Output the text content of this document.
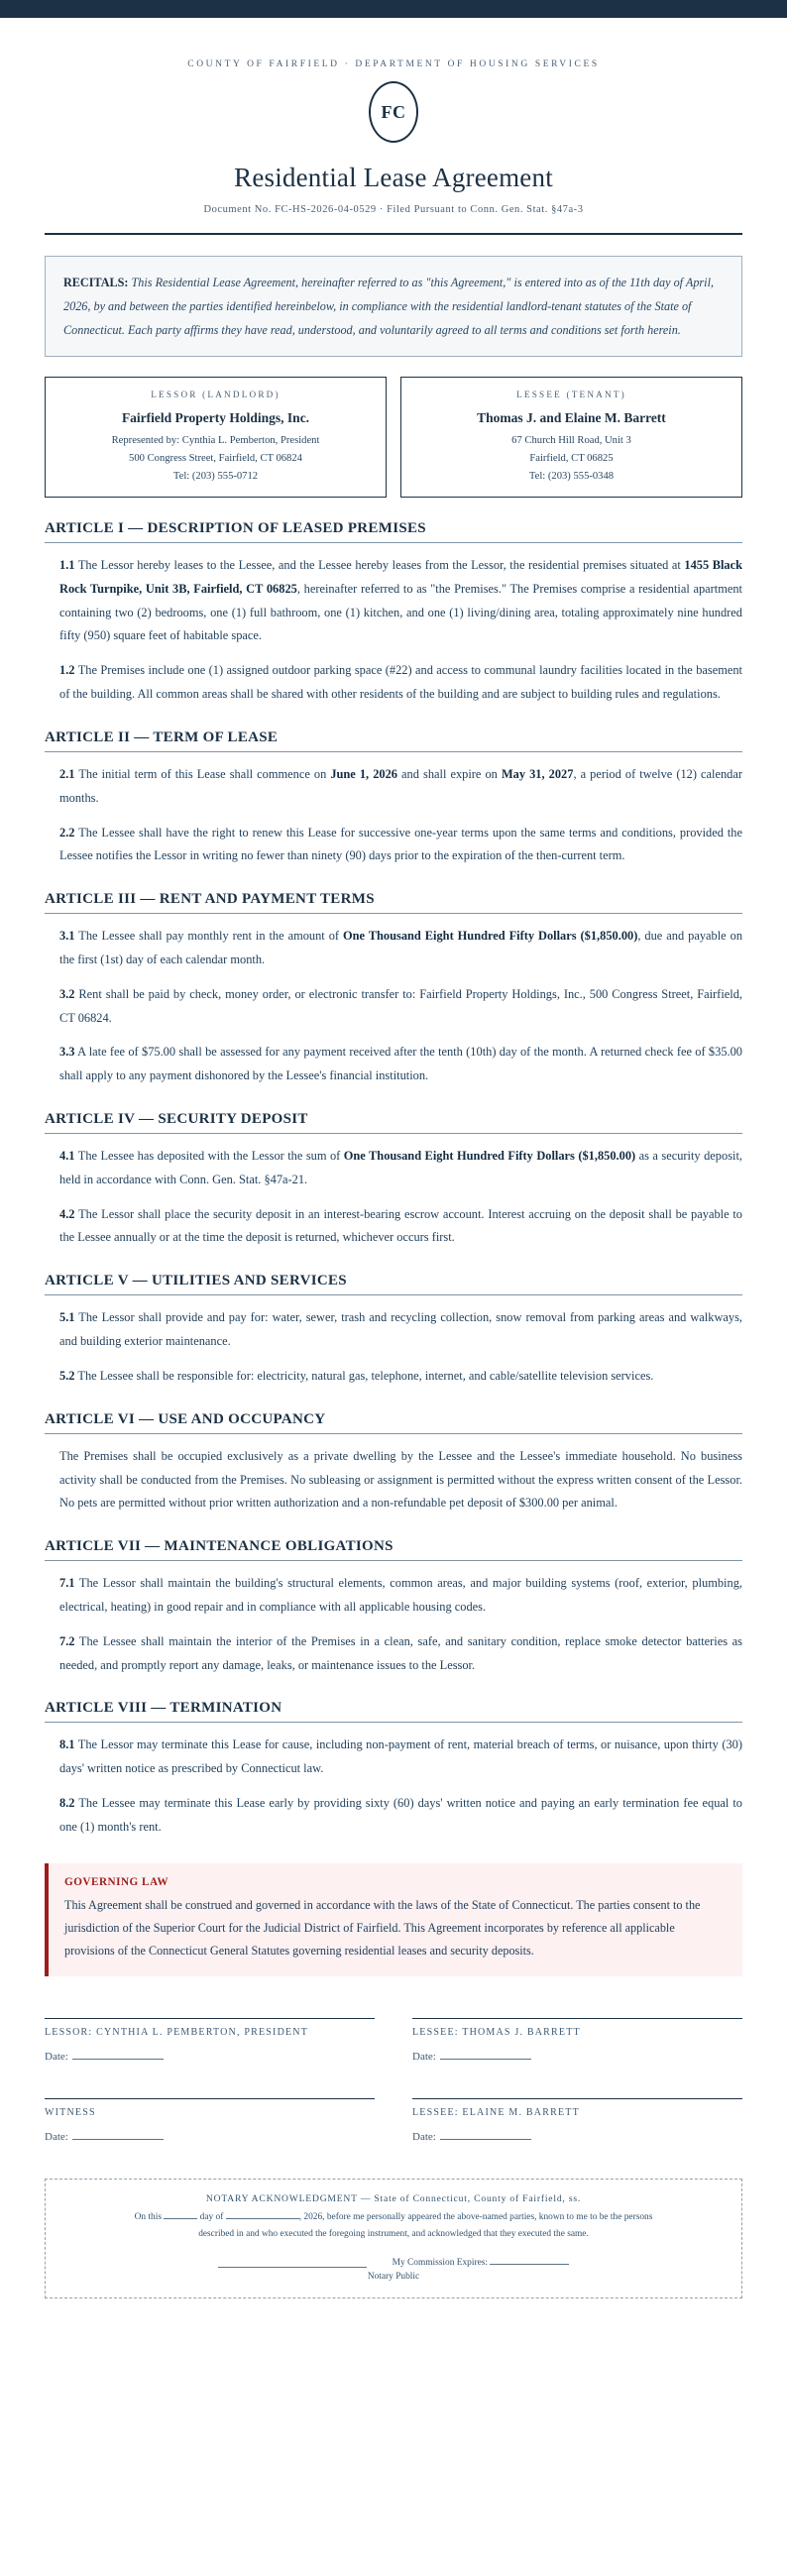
COUNTY OF FAIRFIELD · DEPARTMENT OF HOUSING SERVICES
FC
Residential Lease Agreement
Document No. FC-HS-2026-04-0529 · Filed Pursuant to Conn. Gen. Stat. §47a-3
RECITALS: This Residential Lease Agreement, hereinafter referred to as "this Agreement," is entered into as of the 11th day of April, 2026, by and between the parties identified hereinbelow, in compliance with the residential landlord-tenant statutes of the State of Connecticut. Each party affirms they have read, understood, and voluntarily agreed to all terms and conditions set forth herein.
LESSOR (LANDLORD)
Fairfield Property Holdings, Inc.
Represented by: Cynthia L. Pemberton, President
500 Congress Street, Fairfield, CT 06824
Tel: (203) 555-0712
LESSEE (TENANT)
Thomas J. and Elaine M. Barrett
67 Church Hill Road, Unit 3
Fairfield, CT 06825
Tel: (203) 555-0348
ARTICLE I — DESCRIPTION OF LEASED PREMISES

1.1 The Lessor hereby leases to the Lessee, and the Lessee hereby leases from the Lessor, the residential premises situated at 1455 Black Rock Turnpike, Unit 3B, Fairfield, CT 06825, hereinafter referred to as "the Premises." The Premises comprise a residential apartment containing two (2) bedrooms, one (1) full bathroom, one (1) kitchen, and one (1) living/dining area, totaling approximately nine hundred fifty (950) square feet of habitable space.

1.2 The Premises include one (1) assigned outdoor parking space (#22) and access to communal laundry facilities located in the basement of the building. All common areas shall be shared with other residents of the building and are subject to building rules and regulations.

ARTICLE II — TERM OF LEASE

2.1 The initial term of this Lease shall commence on June 1, 2026 and shall expire on May 31, 2027, a period of twelve (12) calendar months.

2.2 The Lessee shall have the right to renew this Lease for successive one-year terms upon the same terms and conditions, provided the Lessee notifies the Lessor in writing no fewer than ninety (90) days prior to the expiration of the then-current term.

ARTICLE III — RENT AND PAYMENT TERMS

3.1 The Lessee shall pay monthly rent in the amount of One Thousand Eight Hundred Fifty Dollars ($1,850.00), due and payable on the first (1st) day of each calendar month.

3.2 Rent shall be paid by check, money order, or electronic transfer to: Fairfield Property Holdings, Inc., 500 Congress Street, Fairfield, CT 06824.

3.3 A late fee of $75.00 shall be assessed for any payment received after the tenth (10th) day of the month. A returned check fee of $35.00 shall apply to any payment dishonored by the Lessee's financial institution.

ARTICLE IV — SECURITY DEPOSIT

4.1 The Lessee has deposited with the Lessor the sum of One Thousand Eight Hundred Fifty Dollars ($1,850.00) as a security deposit, held in accordance with Conn. Gen. Stat. §47a-21.

4.2 The Lessor shall place the security deposit in an interest-bearing escrow account. Interest accruing on the deposit shall be payable to the Lessee annually or at the time the deposit is returned, whichever occurs first.

ARTICLE V — UTILITIES AND SERVICES

5.1 The Lessor shall provide and pay for: water, sewer, trash and recycling collection, snow removal from parking areas and walkways, and building exterior maintenance.

5.2 The Lessee shall be responsible for: electricity, natural gas, telephone, internet, and cable/satellite television services.

ARTICLE VI — USE AND OCCUPANCY

The Premises shall be occupied exclusively as a private dwelling by the Lessee and the Lessee's immediate household. No business activity shall be conducted from the Premises. No subleasing or assignment is permitted without the express written consent of the Lessor. No pets are permitted without prior written authorization and a non-refundable pet deposit of $300.00 per animal.

ARTICLE VII — MAINTENANCE OBLIGATIONS

7.1 The Lessor shall maintain the building's structural elements, common areas, and major building systems (roof, exterior, plumbing, electrical, heating) in good repair and in compliance with all applicable housing codes.

7.2 The Lessee shall maintain the interior of the Premises in a clean, safe, and sanitary condition, replace smoke detector batteries as needed, and promptly report any damage, leaks, or maintenance issues to the Lessor.

ARTICLE VIII — TERMINATION

8.1 The Lessor may terminate this Lease for cause, including non-payment of rent, material breach of terms, or nuisance, upon thirty (30) days' written notice as prescribed by Connecticut law.

8.2 The Lessee may terminate this Lease early by providing sixty (60) days' written notice and paying an early termination fee equal to one (1) month's rent.

GOVERNING LAW
This Agreement shall be construed and governed in accordance with the laws of the State of Connecticut. The parties consent to the jurisdiction of the Superior Court for the Judicial District of Fairfield. This Agreement incorporates by reference all applicable provisions of the Connecticut General Statutes governing residential leases and security deposits.
LESSOR: CYNTHIA L. PEMBERTON, PRESIDENT
Date:
LESSEE: THOMAS J. BARRETT
Date:
WITNESS
Date:
LESSEE: ELAINE M. BARRETT
Date:
NOTARY ACKNOWLEDGMENT — State of Connecticut, County of Fairfield, ss.
On this	day of	, 2026, before me personally appeared the above-named parties, known to me to be the persons
described in and who executed the foregoing instrument, and acknowledged that they executed the same.
My Commission Expires:
Notary Public
